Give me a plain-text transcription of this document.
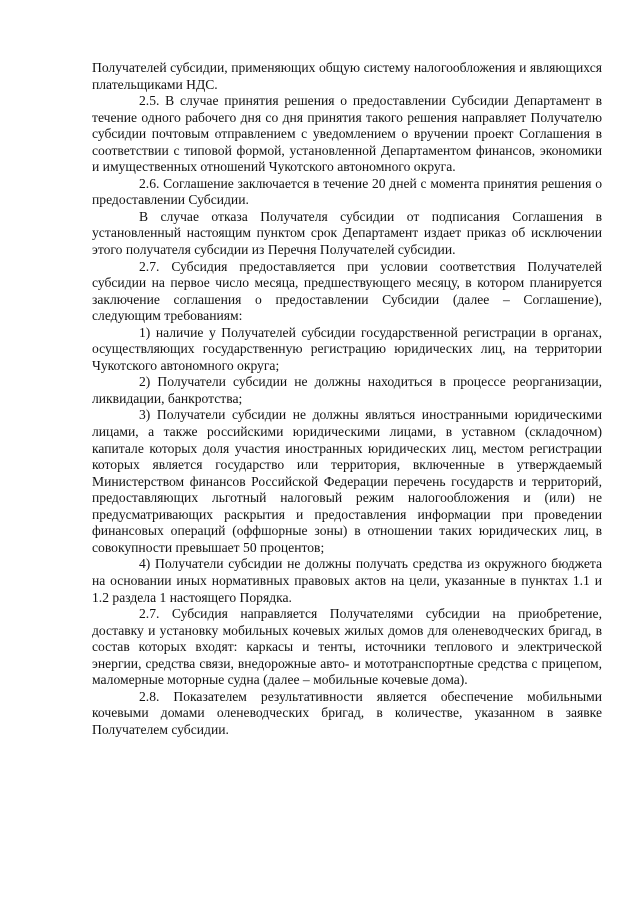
Получателей субсидии, применяющих общую систему налогообложения и являющихся плательщиками НДС.

2.5. В случае принятия решения о предоставлении Субсидии Департамент в течение одного рабочего дня со дня принятия такого решения направляет Получателю субсидии почтовым отправлением с уведомлением о вручении проект Соглашения в соответствии с типовой формой, установленной Департаментом финансов, экономики и имущественных отношений Чукотского автономного округа.

2.6. Соглашение заключается в течение 20 дней с момента принятия решения о предоставлении Субсидии.

В случае отказа Получателя субсидии от подписания Соглашения в установленный настоящим пунктом срок Департамент издает приказ об исключении этого получателя субсидии из Перечня Получателей субсидии.

2.7. Субсидия предоставляется при условии соответствия Получателей субсидии на первое число месяца, предшествующего месяцу, в котором планируется заключение соглашения о предоставлении Субсидии (далее – Соглашение), следующим требованиям:

1) наличие у Получателей субсидии государственной регистрации в органах, осуществляющих государственную регистрацию юридических лиц, на территории Чукотского автономного округа;

2) Получатели субсидии не должны находиться в процессе реорганизации, ликвидации, банкротства;

3) Получатели субсидии не должны являться иностранными юридическими лицами, а также российскими юридическими лицами, в уставном (складочном) капитале которых доля участия иностранных юридических лиц, местом регистрации которых является государство или территория, включенные в утверждаемый Министерством финансов Российской Федерации перечень государств и территорий, предоставляющих льготный налоговый режим налогообложения и (или) не предусматривающих раскрытия и предоставления информации при проведении финансовых операций (оффшорные зоны) в отношении таких юридических лиц, в совокупности превышает 50 процентов;

4) Получатели субсидии не должны получать средства из окружного бюджета на основании иных нормативных правовых актов на цели, указанные в пунктах 1.1 и 1.2 раздела 1 настоящего Порядка.

2.7. Субсидия направляется Получателями субсидии на приобретение, доставку и установку мобильных кочевых жилых домов для оленеводческих бригад, в состав которых входят: каркасы и тенты, источники теплового и электрической энергии, средства связи, внедорожные авто- и мототранспортные средства с прицепом, маломерные моторные судна (далее – мобильные кочевые дома).

2.8. Показателем результативности является обеспечение мобильными кочевыми домами оленеводческих бригад, в количестве, указанном в заявке Получателем субсидии.
